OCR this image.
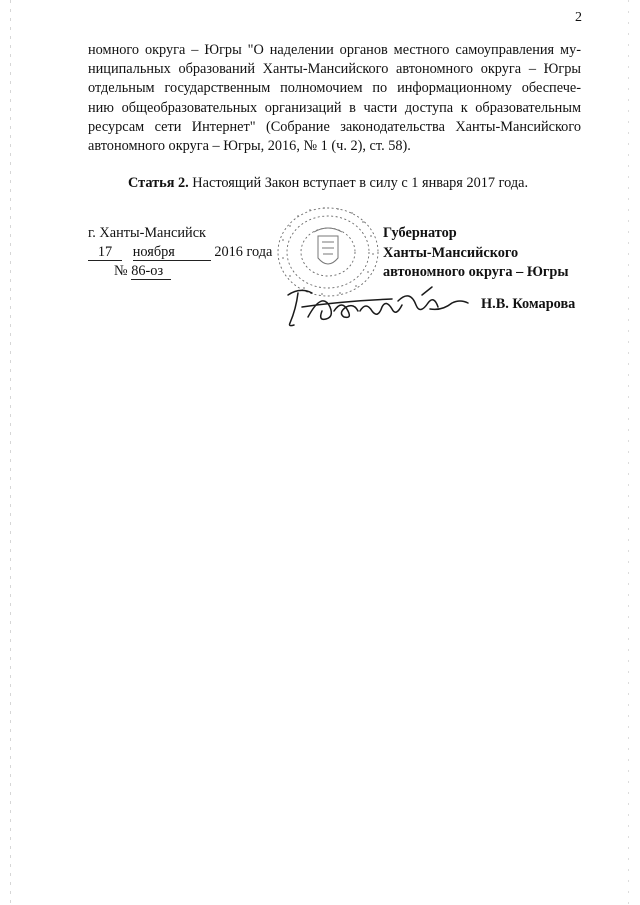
2

номного округа – Югры "О наделении органов местного самоуправления му-
ниципальных образований Ханты-Мансийского автономного округа – Югры
отдельным государственным полномочием по информационному обеспече-
нию общеобразовательных организаций в части доступа к образовательным
ресурсам сети Интернет" (Собрание законодательства Ханты-Мансийского
автономного округа – Югры, 2016, № 1 (ч. 2), ст. 58).

Статья 2. Настоящий Закон вступает в силу с 1 января 2017 года.
г. Ханты-Мансийск
17 ноября	2016 года
№ 86-оз
Губернатор
Ханты-Мансийского
автономного округа – Югры
Н.В. Комарова
